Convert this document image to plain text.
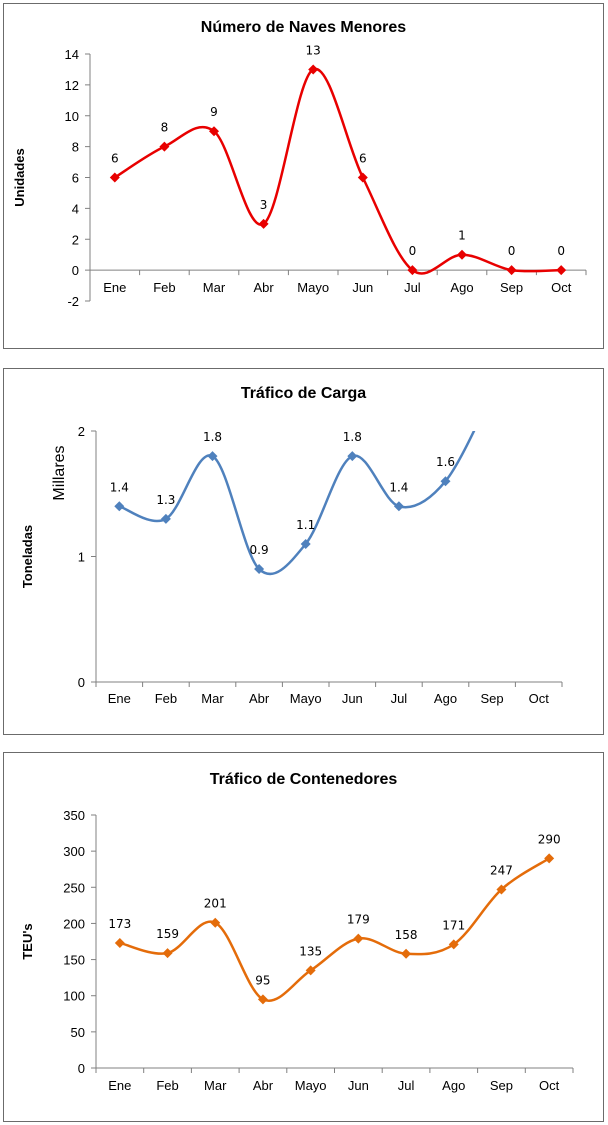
Número de Naves Menores
Unidades
14
12
10
8
6
4
2
0
-2
Ene Feb Mar Abr Mayo Jun Jul Ago Sep Oct
6
8
9
3
13
6
0
1
0	0
Tráfico de Carga
Toneladas
Millares
2
1
0
Ene Feb Mar Abr Mayo Jun Jul Ago Sep Oct
1.4
1.3
1.8
0.9
1.1
1.8
1.4
1.6
Tráfico de Contenedores
TEU's
350
300
250
200
150
100
50
0
Ene Feb Mar Abr Mayo Jun Jul Ago Sep Oct
173
159
201
95
135
179
158
171
247
290
